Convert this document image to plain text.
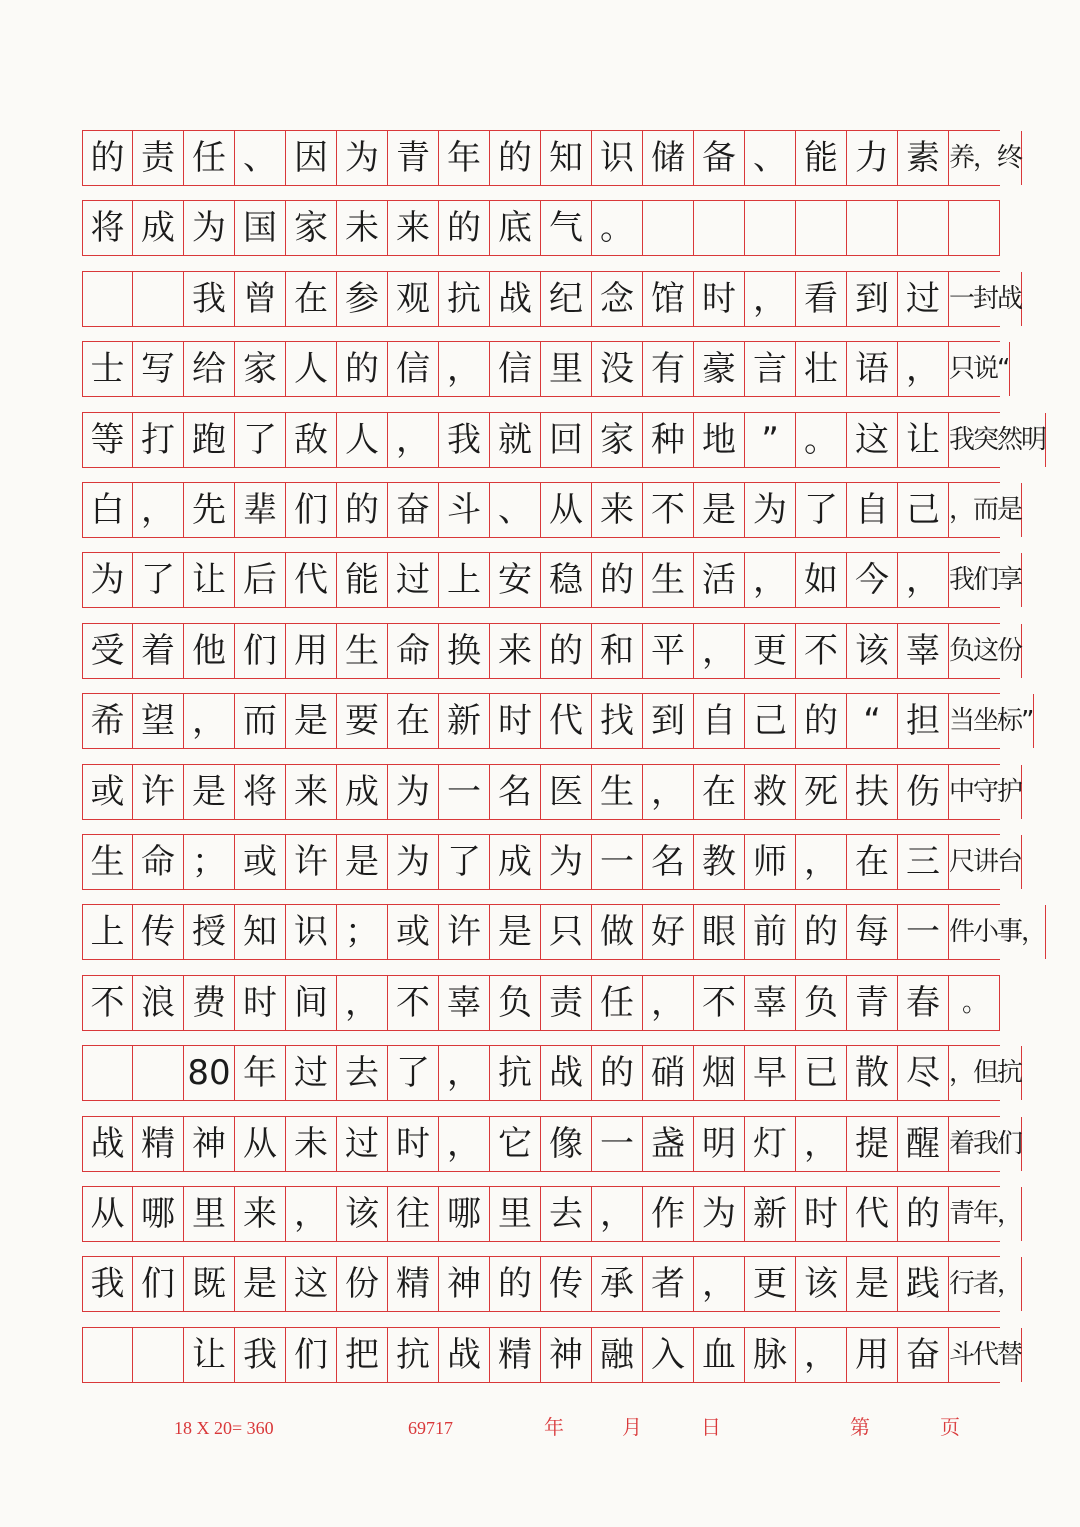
的 责 任 、 因 为 青 年 的 知 识 储 备 、 能 力 素 养 ， 终
将 成 为 国 家 未 来 的 底 气 。
我 曾 在 参 观 抗 战 纪 念 馆 时 ， 看 到 过 一 封 战
士 写 给 家 人 的 信 ， 信 里 没 有 豪 言 壮 语 ， 只 说 “
等 打 跑 了 敌 人 ， 我 就 回 家 种 地 ” 。 这 让 我 突 然 明
白 ， 先 辈 们 的 奋 斗 、 从 来 不 是 为 了 自 己 ， 而 是
为 了 让 后 代 能 过 上 安 稳 的 生 活 ， 如 今 ， 我 们 享
受 着 他 们 用 生 命 换 来 的 和 平 ， 更 不 该 辜 负 这 份
希 望 ， 而 是 要 在 新 时 代 找 到 自 己 的 “ 担 当 坐 标 ”
或 许 是 将 来 成 为 一 名 医 生 ， 在 救 死 扶 伤 中 守 护
生 命 ； 或 许 是 为 了 成 为 一 名 教 师 ， 在 三 尺 讲 台
上 传 授 知 识 ； 或 许 是 只 做 好 眼 前 的 每 一 件 小 事 ，
不 浪 费 时 间 ， 不 辜 负 责 任 ， 不 辜 负 青 春 。
80 年 过 去 了 ， 抗 战 的 硝 烟 早 已 散 尽 ， 但 抗
战 精 神 从 未 过 时 ， 它 像 一 盏 明 灯 ， 提 醒 着 我 们
从 哪 里 来 ， 该 往 哪 里 去 ， 作 为 新 时 代 的 青 年 ，
我 们 既 是 这 份 精 神 的 传 承 者 ， 更 该 是 践 行 者 ，
让 我 们 把 抗 战 精 神 融 入 血 脉 ， 用 奋 斗 代 替
18 X 20= 360	69717	年	月	日	第	页
